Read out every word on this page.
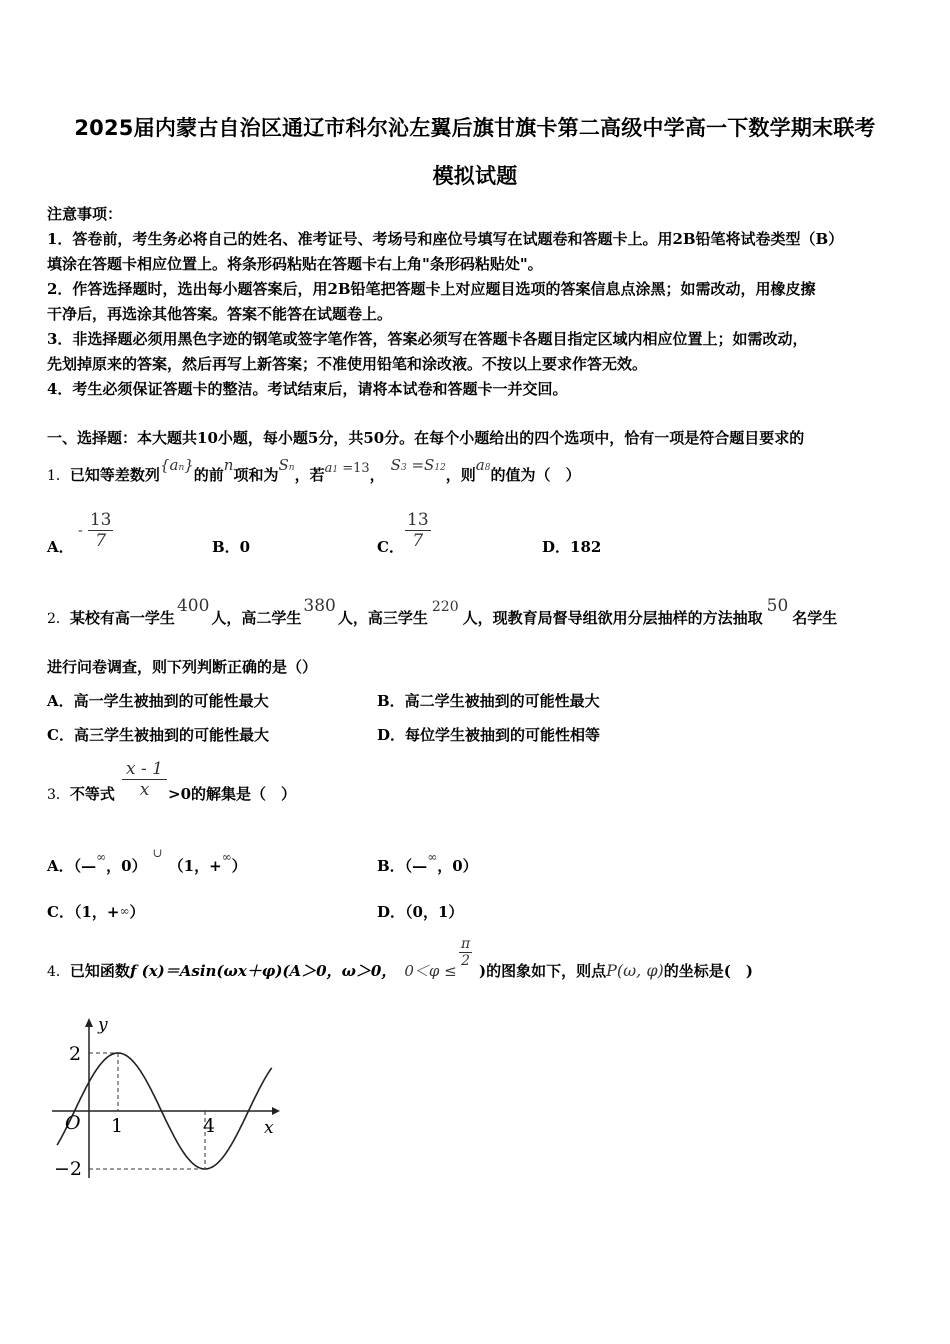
2025届内蒙古自治区通辽市科尔沁左翼后旗甘旗卡第二高级中学高一下数学期末联考
模拟试题
注意事项：
1．答卷前，考生务必将自己的姓名、准考证号、考场号和座位号填写在试题卷和答题卡上。用2B铅笔将试卷类型（B）
填涂在答题卡相应位置上。将条形码粘贴在答题卡右上角"条形码粘贴处"。
2．作答选择题时，选出每小题答案后，用2B铅笔把答题卡上对应题目选项的答案信息点涂黑；如需改动，用橡皮擦
干净后，再选涂其他答案。答案不能答在试题卷上。
3．非选择题必须用黑色字迹的钢笔或签字笔作答，答案必须写在答题卡各题目指定区域内相应位置上；如需改动，
先划掉原来的答案，然后再写上新答案；不准使用铅笔和涂改液。不按以上要求作答无效。
4．考生必须保证答题卡的整洁。考试结束后，请将本试卷和答题卡一并交回。
一、选择题：本大题共10小题，每小题5分，共50分。在每个小题给出的四个选项中，恰有一项是符合题目要求的
1．已知等差数列{an}的前n项和为Sn，若a1 =13，S3 =S12，则a8的值为（　）
A．
- $\frac{13}{7}$	B．0	C． $\frac{13}{7}$	D．182
2．某校有高一学生400人，高二学生380人，高三学生220人，现教育局督导组欲用分层抽样的方法抽取50名学生
进行问卷调查，则下列判断正确的是（）
A．高一学生被抽到的可能性最大	B．高二学生被抽到的可能性最大
C．高三学生被抽到的可能性最大	D．每位学生被抽到的可能性相等
3．不等式 $\frac{x - 1}{x} >0$的解集是（　）
A．（—∞，0）∪（1，+∞）	B．（—∞，0）
C．（1，+∞）	D．（0，1）
4．已知函数f (x)＝Asin(ωx＋φ)(A＞0，ω＞0， 0＜φ ≤
$\frac{\pi}{2}$
)的图象如下，则点P(ω, φ)的坐标是(　)
y
x
O 1	4
2
−2
